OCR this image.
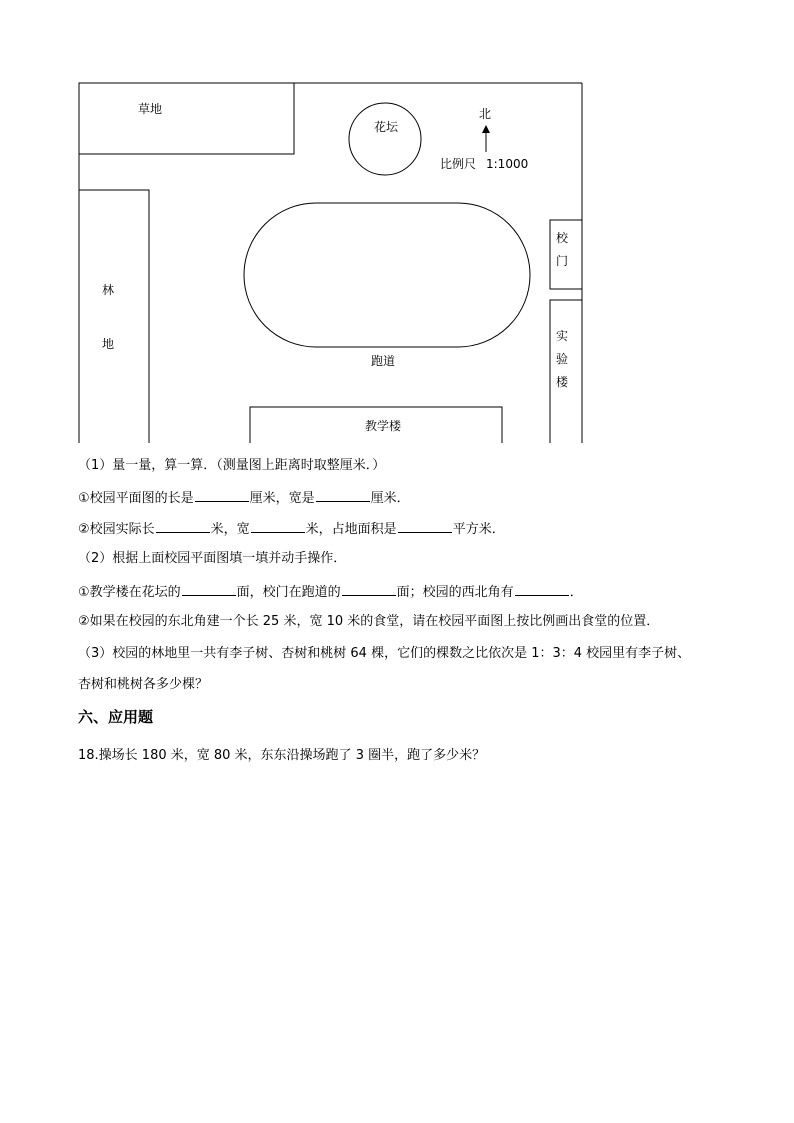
草地
花坛
北
比例尺 1:1000
林
地
校
门
实
验
楼
跑道
教学楼
（1）量一量，算一算．（测量图上距离时取整厘米．）
①校园平面图的长是	厘米，宽是	厘米．
②校园实际长	米，宽	米，占地面积是	平方米．
（2）根据上面校园平面图填一填并动手操作．
①教学楼在花坛的	面，校门在跑道的	面；校园的西北角有	．
②如果在校园的东北角建一个长 25 米，宽 10 米的食堂，请在校园平面图上按比例画出食堂的位置．
（3）校园的林地里一共有李子树、杏树和桃树 64 棵，它们的棵数之比依次是 1：3：4 校园里有李子树、
杏树和桃树各多少棵？
六、应用题
18.操场长 180 米，宽 80 米，东东沿操场跑了 3 圈半，跑了多少米？
